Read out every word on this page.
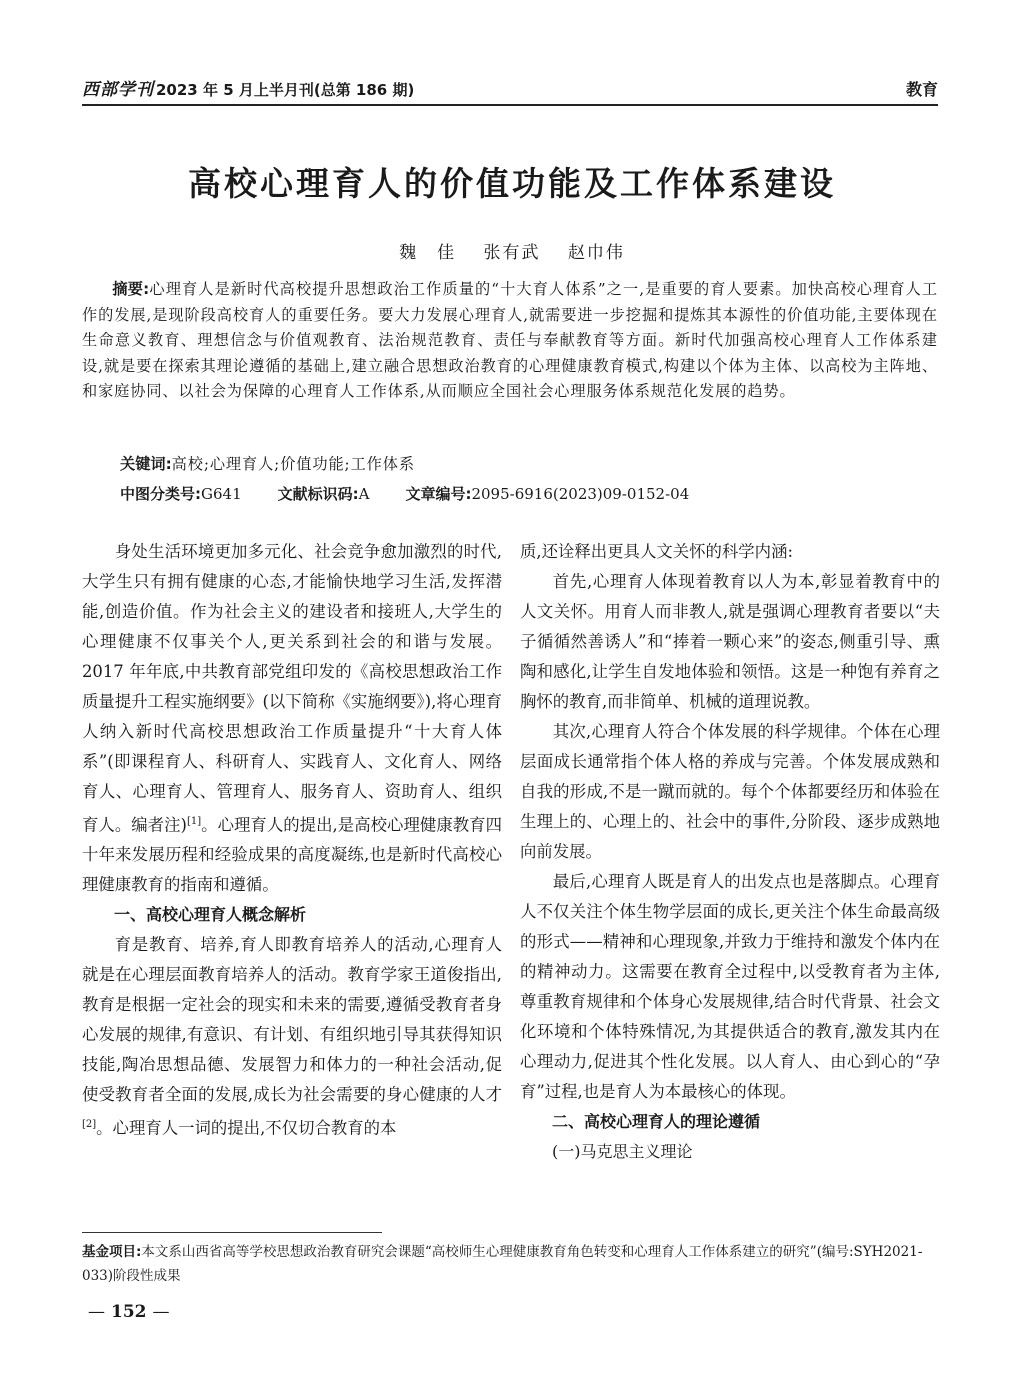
西部学刊 2023 年 5 月上半月刊(总第 186 期)	教育
高校心理育人的价值功能及工作体系建设
魏　佳 张有武 赵巾伟
摘要:心理育人是新时代高校提升思想政治工作质量的“十大育人体系”之一,是重要的育人要素。加快高校心理育人工作的发展,是现阶段高校育人的重要任务。要大力发展心理育人,就需要进一步挖掘和提炼其本源性的价值功能,主要体现在生命意义教育、理想信念与价值观教育、法治规范教育、责任与奉献教育等方面。新时代加强高校心理育人工作体系建设,就是要在探索其理论遵循的基础上,建立融合思想政治教育的心理健康教育模式,构建以个体为主体、以高校为主阵地、和家庭协同、以社会为保障的心理育人工作体系,从而顺应全国社会心理服务体系规范化发展的趋势。
关键词:高校;心理育人;价值功能;工作体系
中图分类号:G641 文献标识码:A 文章编号:2095-6916(2023)09-0152-04

身处生活环境更加多元化、社会竞争愈加激烈的时代,大学生只有拥有健康的心态,才能愉快地学习生活,发挥潜能,创造价值。作为社会主义的建设者和接班人,大学生的心理健康不仅事关个人,更关系到社会的和谐与发展。2017 年年底,中共教育部党组印发的《高校思想政治工作质量提升工程实施纲要》(以下简称《实施纲要》),将心理育人纳入新时代高校思想政治工作质量提升“十大育人体系”(即课程育人、科研育人、实践育人、文化育人、网络育人、心理育人、管理育人、服务育人、资助育人、组织育人。编者注)[1]。心理育人的提出,是高校心理健康教育四十年来发展历程和经验成果的高度凝练,也是新时代高校心理健康教育的指南和遵循。

一、高校心理育人概念解析

育是教育、培养,育人即教育培养人的活动,心理育人就是在心理层面教育培养人的活动。教育学家王道俊指出,教育是根据一定社会的现实和未来的需要,遵循受教育者身心发展的规律,有意识、有计划、有组织地引导其获得知识技能,陶冶思想品德、发展智力和体力的一种社会活动,促使受教育者全面的发展,成长为社会需要的身心健康的人才[2]。心理育人一词的提出,不仅切合教育的本

质,还诠释出更具人文关怀的科学内涵:

首先,心理育人体现着教育以人为本,彰显着教育中的人文关怀。用育人而非教人,就是强调心理教育者要以“夫子循循然善诱人”和“捧着一颗心来”的姿态,侧重引导、熏陶和感化,让学生自发地体验和领悟。这是一种饱有养育之胸怀的教育,而非简单、机械的道理说教。

其次,心理育人符合个体发展的科学规律。个体在心理层面成长通常指个体人格的养成与完善。个体发展成熟和自我的形成,不是一蹴而就的。每个个体都要经历和体验在生理上的、心理上的、社会中的事件,分阶段、逐步成熟地向前发展。

最后,心理育人既是育人的出发点也是落脚点。心理育人不仅关注个体生物学层面的成长,更关注个体生命最高级的形式——精神和心理现象,并致力于维持和激发个体内在的精神动力。这需要在教育全过程中,以受教育者为主体,尊重教育规律和个体身心发展规律,结合时代背景、社会文化环境和个体特殊情况,为其提供适合的教育,激发其内在心理动力,促进其个性化发展。以人育人、由心到心的“孕育”过程,也是育人为本最核心的体现。

二、高校心理育人的理论遵循
(一)马克思主义理论
基金项目:本文系山西省高等学校思想政治教育研究会课题“高校师生心理健康教育角色转变和心理育人工作体系建立的研究”(编号:SYH2021-033)阶段性成果
— 152 —
